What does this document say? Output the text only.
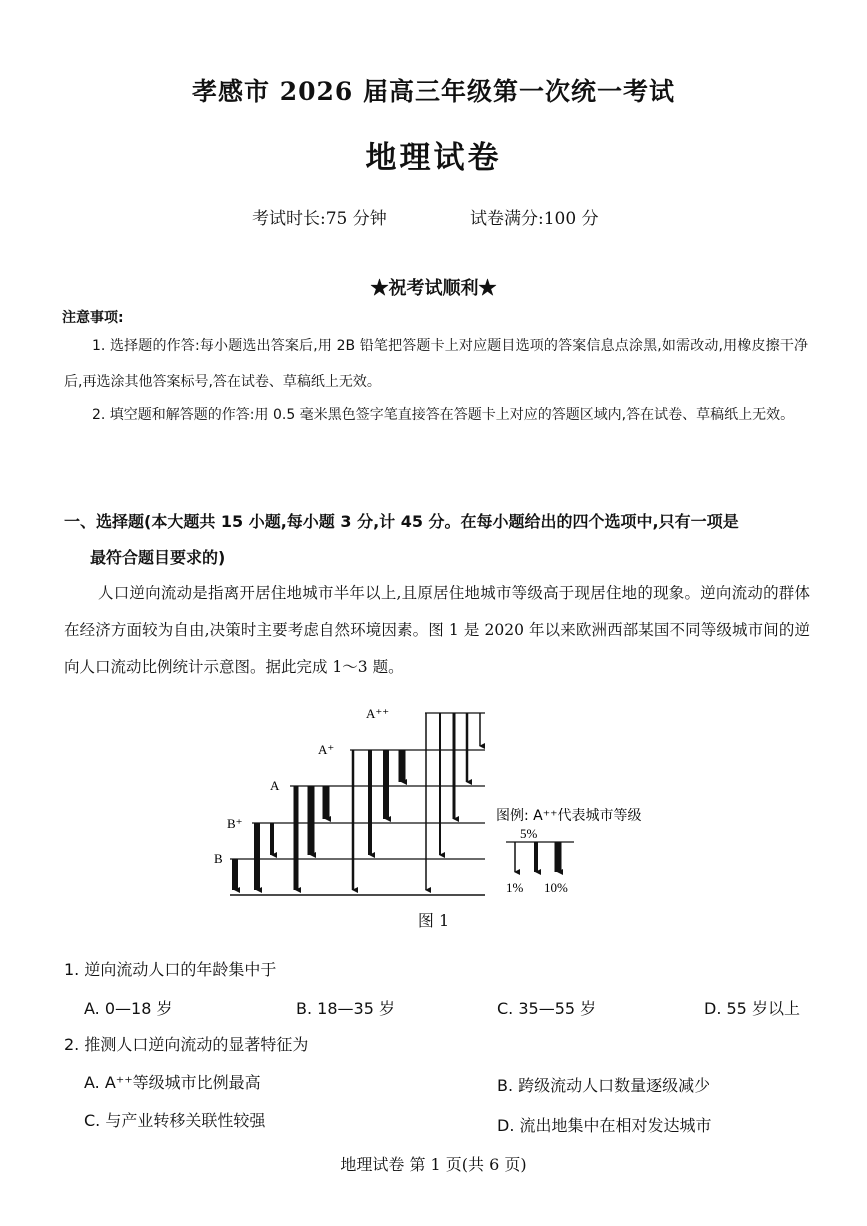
孝感市 2026 届高三年级第一次统一考试
地理试卷
考试时长:75 分钟	试卷满分:100 分
★祝考试顺利★
注意事项:
1. 选择题的作答:每小题选出答案后,用 2B 铅笔把答题卡上对应题目选项的答案信息点涂黑,如需改动,用橡皮擦干净后,再选涂其他答案标号,答在试卷、草稿纸上无效。
2. 填空题和解答题的作答:用 0.5 毫米黑色签字笔直接答在答题卡上对应的答题区域内,答在试卷、草稿纸上无效。
一、选择题(本大题共 15 小题,每小题 3 分,计 45 分。在每小题给出的四个选项中,只有一项是
最符合题目要求的)
人口逆向流动是指离开居住地城市半年以上,且原居住地城市等级高于现居住地的现象。逆向流动的群体在经济方面较为自由,决策时主要考虑自然环境因素。图 1 是 2020 年以来欧洲西部某国不同等级城市间的逆向人口流动比例统计示意图。据此完成 1～3 题。
B
B⁺
A
A⁺
A⁺⁺
图例: A⁺⁺代表城市等级
5%
1% 10%
图 1
1. 逆向流动人口的年龄集中于
A. 0—18 岁	B. 18—35 岁	C. 35—55 岁	D. 55 岁以上
2. 推测人口逆向流动的显著特征为
A. A⁺⁺等级城市比例最高	B. 跨级流动人口数量逐级减少
C. 与产业转移关联性较强	D. 流出地集中在相对发达城市
地理试卷 第 1 页(共 6 页)
